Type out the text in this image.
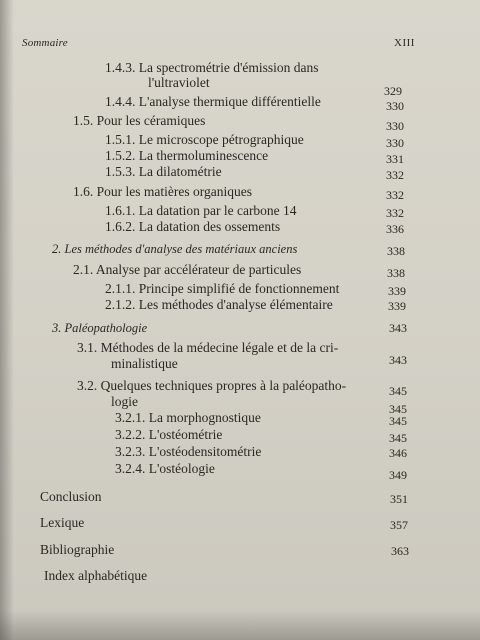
Sommaire	XIII
1.4.3. La spectrométrie d'émission dans
l'ultraviolet
1.4.4. L'analyse thermique différentielle
1.5. Pour les céramiques
1.5.1. Le microscope pétrographique
1.5.2. La thermoluminescence
1.5.3. La dilatométrie
1.6. Pour les matières organiques
1.6.1. La datation par le carbone 14
1.6.2. La datation des ossements
2. Les méthodes d'analyse des matériaux anciens
2.1. Analyse par accélérateur de particules
2.1.1. Principe simplifié de fonctionnement
2.1.2. Les méthodes d'analyse élémentaire
3. Paléopathologie
3.1. Méthodes de la médecine légale et de la cri-
minalistique
3.2. Quelques techniques propres à la paléopatho-
logie
3.2.1. La morphognostique
3.2.2. L'ostéométrie
3.2.3. L'ostéodensitométrie
3.2.4. L'ostéologie
Conclusion
Lexique
Bibliographie
Index alphabétique
329
330
330
330
331
332
332
332
336
338
338
339
339
343
343
345
345
345
345
346
349
351
357
363
